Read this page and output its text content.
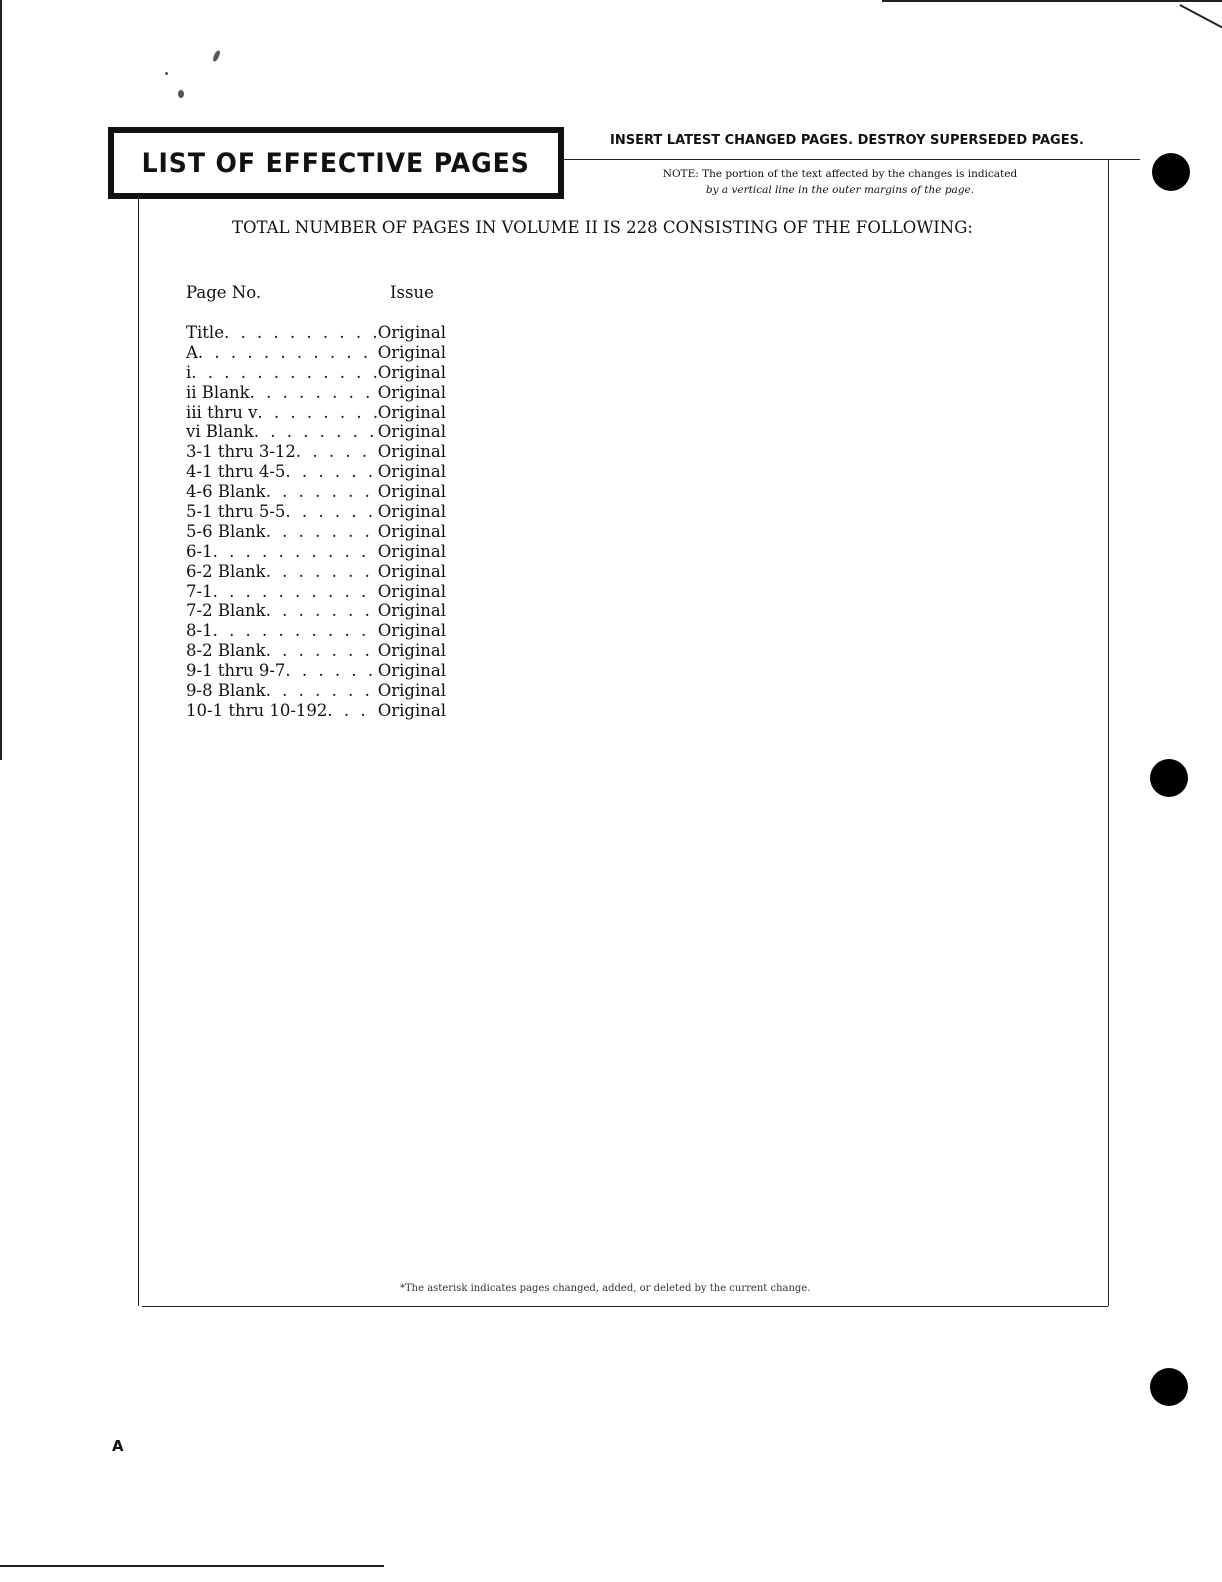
LIST OF EFFECTIVE PAGES
INSERT LATEST CHANGED PAGES. DESTROY SUPERSEDED PAGES.
NOTE: The portion of the text affected by the changes is indicated
by a vertical line in the outer margins of the page.
TOTAL NUMBER OF PAGES IN VOLUME II IS 228 CONSISTING OF THE FOLLOWING:
Page No.	Issue
Title . . .	Original
A . . .	Original
i . . .	Original
ii Blank . . .	Original
iii thru v . . .	Original
vi Blank . . .	Original
3-1 thru 3-12 . . .	Original
4-1 thru 4-5 . . .	Original
4-6 Blank . . .	Original
5-1 thru 5-5 . . .	Original
5-6 Blank . . .	Original
6-1 . . .	Original
6-2 Blank . . .	Original
7-1 . . .	Original
7-2 Blank . . .	Original
8-1 . . .	Original
8-2 Blank . . .	Original
9-1 thru 9-7 . . .	Original
9-8 Blank . . .	Original
10-1 thru 10-192 . . .	Original
*The asterisk indicates pages changed, added, or deleted by the current change.
A
